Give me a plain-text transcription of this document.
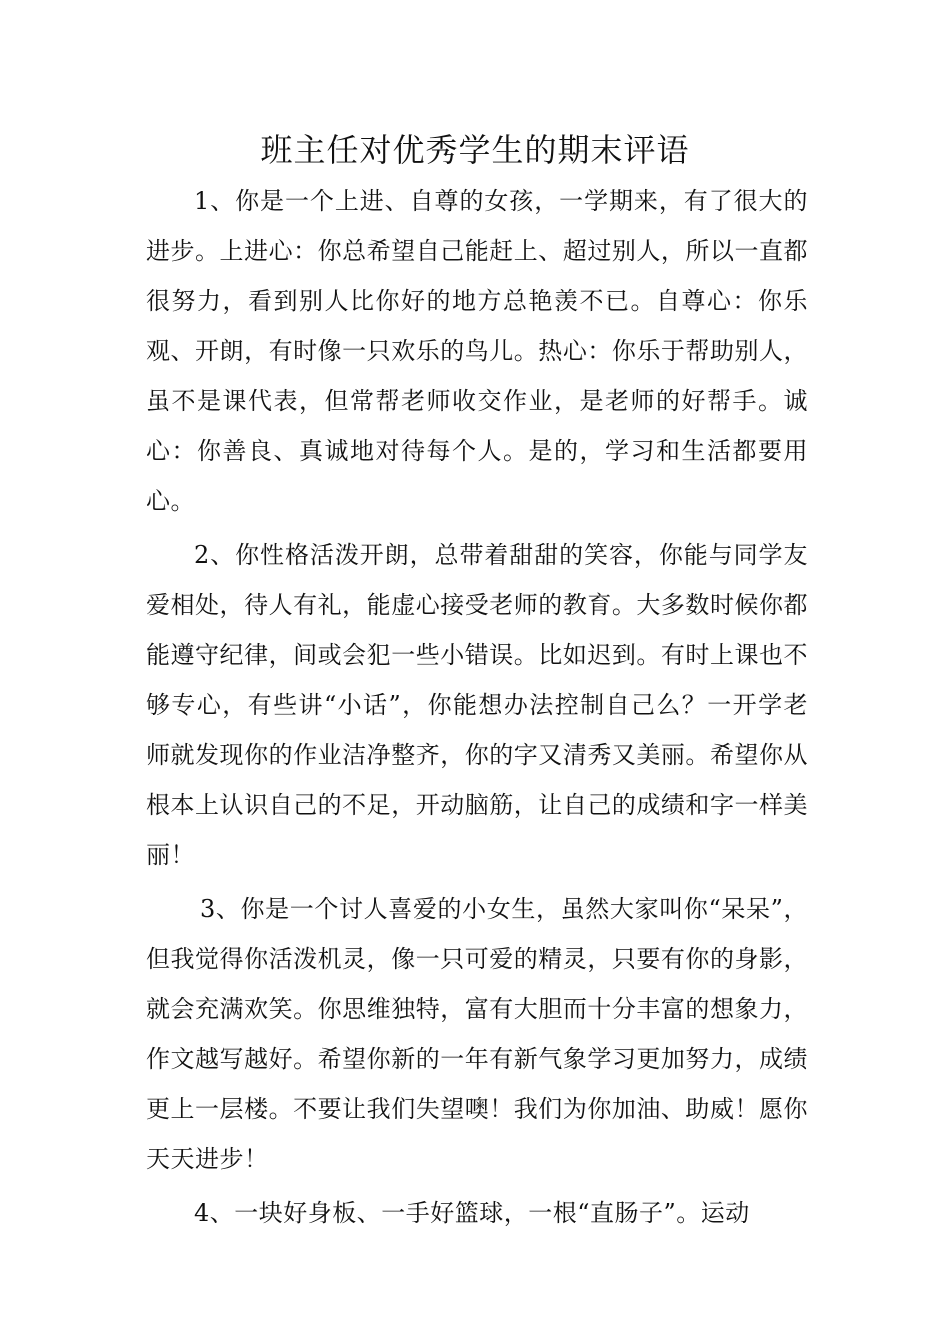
班主任对优秀学生的期末评语

1、你是一个上进、自尊的女孩，一学期来，有了很大的进步。上进心：你总希望自己能赶上、超过别人，所以一直都很努力，看到别人比你好的地方总艳羡不已。自尊心：你乐观、开朗，有时像一只欢乐的鸟儿。热心：你乐于帮助别人，虽不是课代表，但常帮老师收交作业，是老师的好帮手。诚心：你善良、真诚地对待每个人。是的，学习和生活都要用心。

2、你性格活泼开朗，总带着甜甜的笑容，你能与同学友爱相处，待人有礼，能虚心接受老师的教育。大多数时候你都能遵守纪律，间或会犯一些小错误。比如迟到。有时上课也不够专心，有些讲“小话”，你能想办法控制自己么？一开学老师就发现你的作业洁净整齐，你的字又清秀又美丽。希望你从根本上认识自己的不足，开动脑筋，让自己的成绩和字一样美丽！

3、你是一个讨人喜爱的小女生，虽然大家叫你“呆呆”，但我觉得你活泼机灵，像一只可爱的精灵，只要有你的身影，就会充满欢笑。你思维独特，富有大胆而十分丰富的想象力，作文越写越好。希望你新的一年有新气象学习更加努力，成绩更上一层楼。不要让我们失望噢！我们为你加油、助威！愿你天天进步！

4、一块好身板、一手好篮球，一根“直肠子”。运动
